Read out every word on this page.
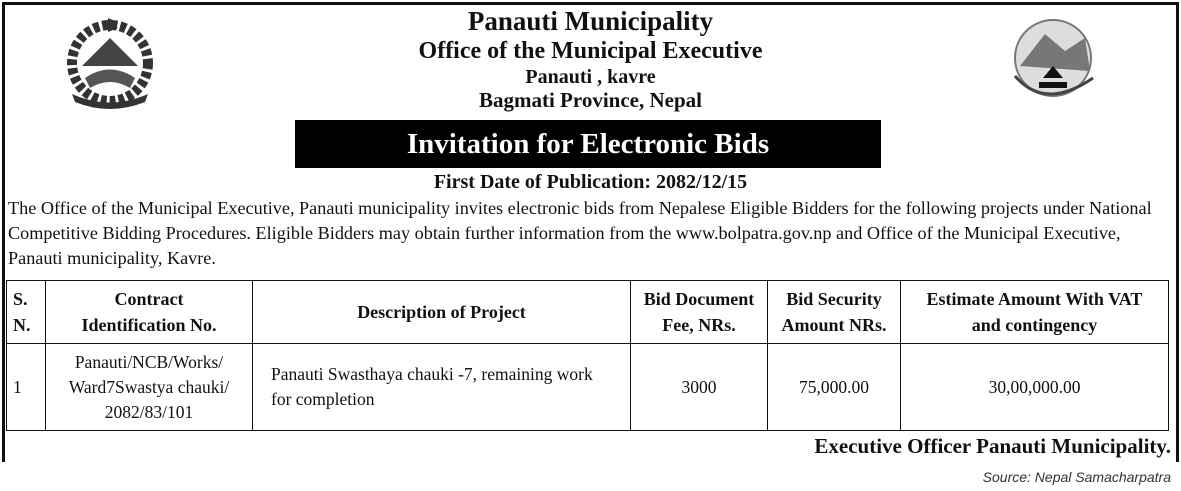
Panauti Municipality
Office of the Municipal Executive
Panauti , kavre
Bagmati Province, Nepal
Invitation for Electronic Bids
First Date of Publication: 2082/12/15
The Office of the Municipal Executive, Panauti municipality invites electronic bids from Nepalese Eligible Bidders for the following projects under National Competitive Bidding Procedures. Eligible Bidders may obtain further information from the www.bolpatra.gov.np and Office of the Municipal Executive, Panauti municipality, Kavre.
S. N.	Contract Identification No.	Description of Project	Bid Document Fee, NRs.	Bid Security Amount NRs.	Estimate Amount With VAT and contingency
1	Panauti/NCB/Works/ Ward7Swastya chauki/ 2082/83/101	Panauti Swasthaya chauki -7, remaining work for completion	3000	75,000.00	30,00,000.00
Executive Officer Panauti Municipality.
Source: Nepal Samacharpatra
